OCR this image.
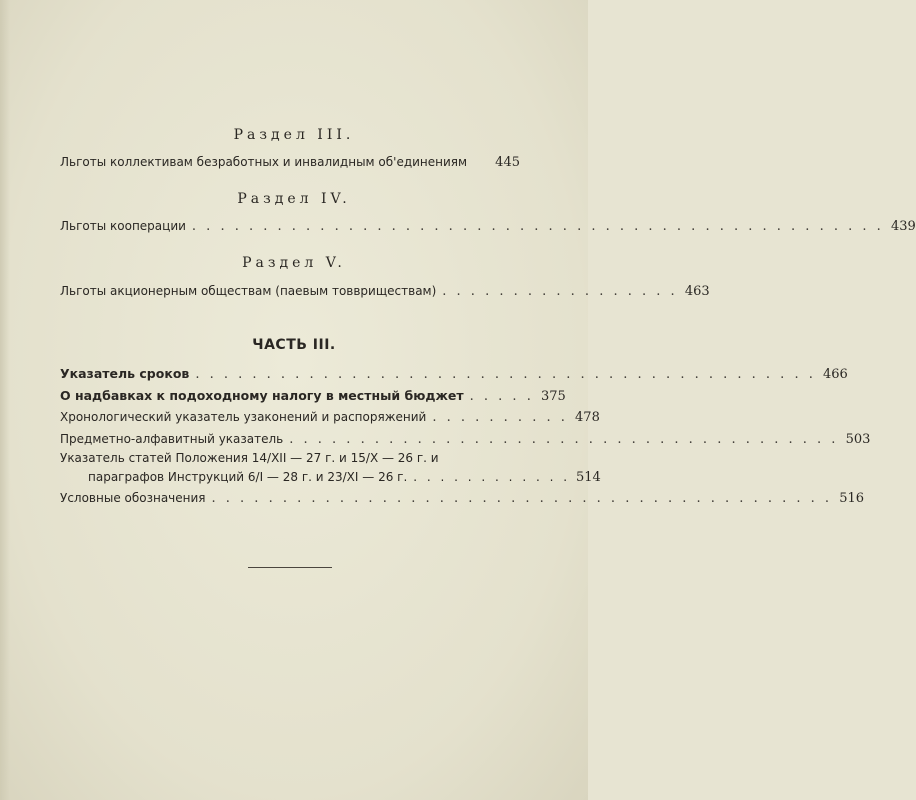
Раздел III.
Льготы коллективам безработных и инвалидным об'единениям 445
Раздел IV.
Льготы кооперации . . . . . . . . . . . . . . . . . . . . . . . . . . . . . . . . . . . . . . . . . . . . . . . . . 439
Раздел V.
Льготы акционерным обществам (паевым товвриществам) . . . . . . . . . . . . . . . . . 463
ЧАСТЬ III.
Указатель сроков . . . . . . . . . . . . . . . . . . . . . . . . . . . . . . . . . . . . . . . . . . . . 466
О надбавках к подоходному налогу в местный бюджет . . . . . 375
Хронологический указатель узаконений и распоряжений . . . . . . . . . . 478
Предметно-алфавитный указатель . . . . . . . . . . . . . . . . . . . . . . . . . . . . . . . . . . . . . . . 503
Указатель статей Положения 14/XII — 27 г. и 15/X — 26 г. и
параграфов Инструкций 6/I — 28 г. и 23/XI — 26 г. . . . . . . . . . . . . 514
Условные обозначения . . . . . . . . . . . . . . . . . . . . . . . . . . . . . . . . . . . . . . . . . . . . 516
